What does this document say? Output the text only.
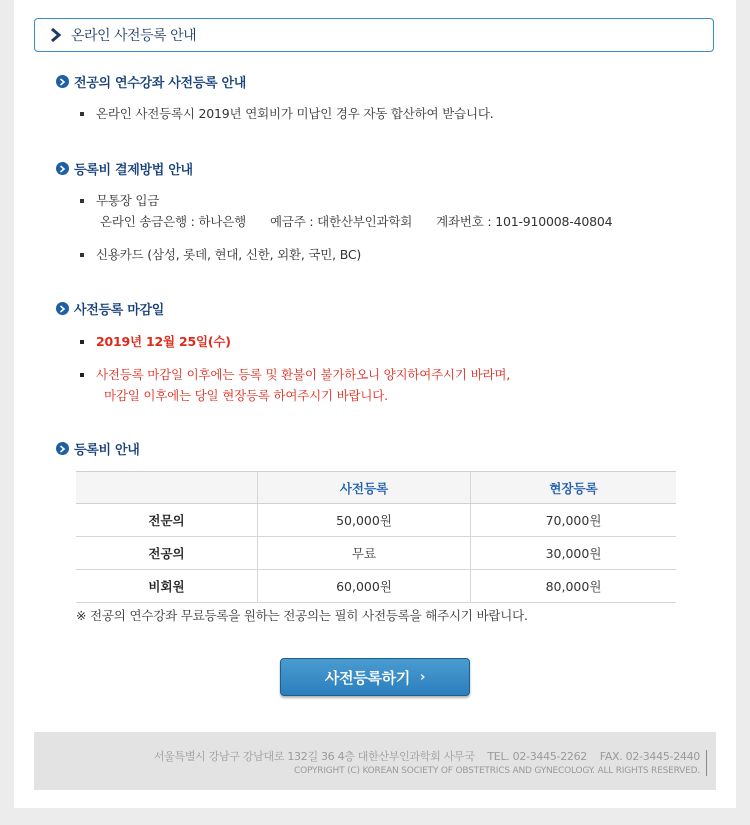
온라인 사전등록 안내
전공의 연수강좌 사전등록 안내
온라인 사전등록시 2019년 연회비가 미납인 경우 자동 합산하여 받습니다.
등록비 결제방법 안내
무통장 입금
온라인 송금은행 : 하나은행 예금주 : 대한산부인과학회 계좌번호 : 101-910008-40804
신용카드 (삼성, 롯데, 현대, 신한, 외환, 국민, BC)
사전등록 마감일
2019년 12월 25일(수)
사전등록 마감일 이후에는 등록 및 환불이 불가하오니 양지하여주시기 바라며,
마감일 이후에는 당일 현장등록 하여주시기 바랍니다.
등록비 안내
	사전등록	현장등록
전문의	50,000원	70,000원
전공의	무료	30,000원
비회원	60,000원	80,000원
※ 전공의 연수강좌 무료등록을 원하는 전공의는 필히 사전등록을 해주시기 바랍니다.
사전등록하기 ›
서울특별시 강남구 강남대로 132길 36 4층 대한산부인과학회 사무국 TEL. 02-3445-2262 FAX. 02-3445-2440
COPYRIGHT (C) KOREAN SOCIETY OF OBSTETRICS AND GYNECOLOGY. ALL RIGHTS RESERVED.
